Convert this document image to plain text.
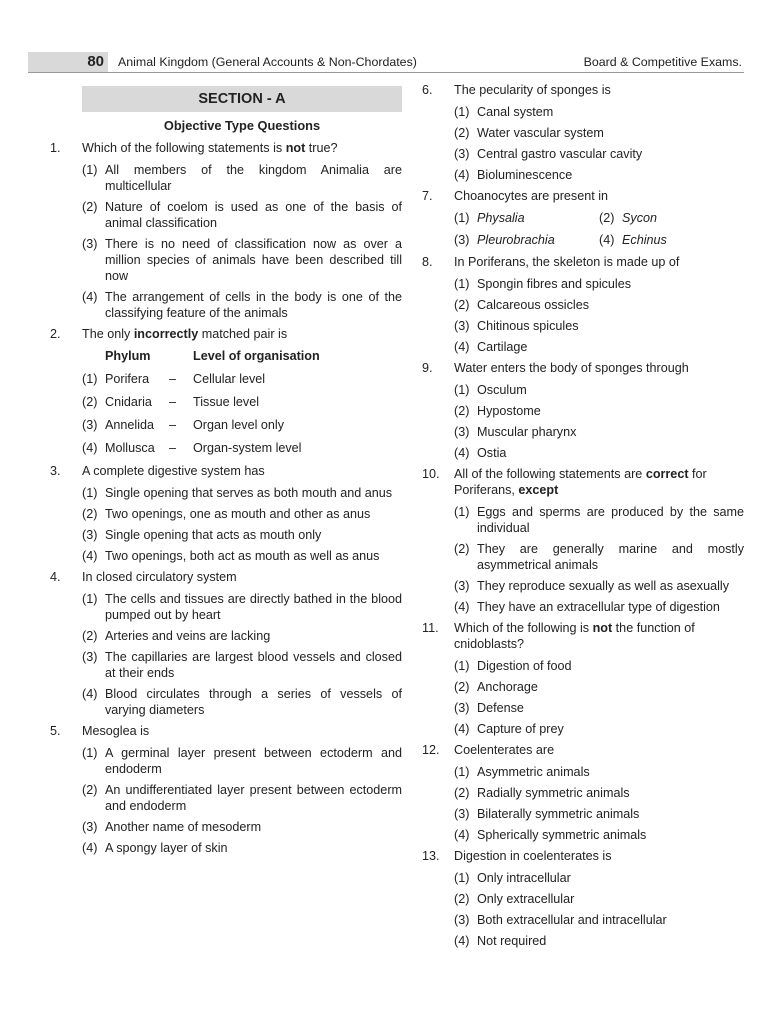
80	Animal Kingdom (General Accounts & Non-Chordates)	Board & Competitive Exams.
SECTION - A
Objective Type Questions
1. Which of the following statements is not true?
(1) All members of the kingdom Animalia are multicellular
(2) Nature of coelom is used as one of the basis of animal classification
(3) There is no need of classification now as over a million species of animals have been described till now
(4) The arrangement of cells in the body is one of the classifying feature of the animals
2. The only incorrectly matched pair is
Phylum	Level of organisation
(1) Porifera	–	Cellular level
(2) Cnidaria	–	Tissue level
(3) Annelida	–	Organ level only
(4) Mollusca	–	Organ-system level
3. A complete digestive system has
(1) Single opening that serves as both mouth and anus
(2) Two openings, one as mouth and other as anus
(3) Single opening that acts as mouth only
(4) Two openings, both act as mouth as well as anus
4. In closed circulatory system
(1) The cells and tissues are directly bathed in the blood pumped out by heart
(2) Arteries and veins are lacking
(3) The capillaries are largest blood vessels and closed at their ends
(4) Blood circulates through a series of vessels of varying diameters
5. Mesoglea is
(1) A germinal layer present between ectoderm and endoderm
(2) An undifferentiated layer present between ectoderm and endoderm
(3) Another name of mesoderm
(4) A spongy layer of skin
6. The pecularity of sponges is
(1) Canal system
(2) Water vascular system
(3) Central gastro vascular cavity
(4) Bioluminescence
7. Choanocytes are present in
(1) Physalia	(2) Sycon
(3) Pleurobrachia	(4) Echinus
8. In Poriferans, the skeleton is made up of
(1) Spongin fibres and spicules
(2) Calcareous ossicles
(3) Chitinous spicules
(4) Cartilage
9. Water enters the body of sponges through
(1) Osculum
(2) Hypostome
(3) Muscular pharynx
(4) Ostia
10. All of the following statements are correct for Poriferans, except
(1) Eggs and sperms are produced by the same individual
(2) They are generally marine and mostly asymmetrical animals
(3) They reproduce sexually as well as asexually
(4) They have an extracellular type of digestion
11. Which of the following is not the function of cnidoblasts?
(1) Digestion of food
(2) Anchorage
(3) Defense
(4) Capture of prey
12. Coelenterates are
(1) Asymmetric animals
(2) Radially symmetric animals
(3) Bilaterally symmetric animals
(4) Spherically symmetric animals
13. Digestion in coelenterates is
(1) Only intracellular
(2) Only extracellular
(3) Both extracellular and intracellular
(4) Not required
